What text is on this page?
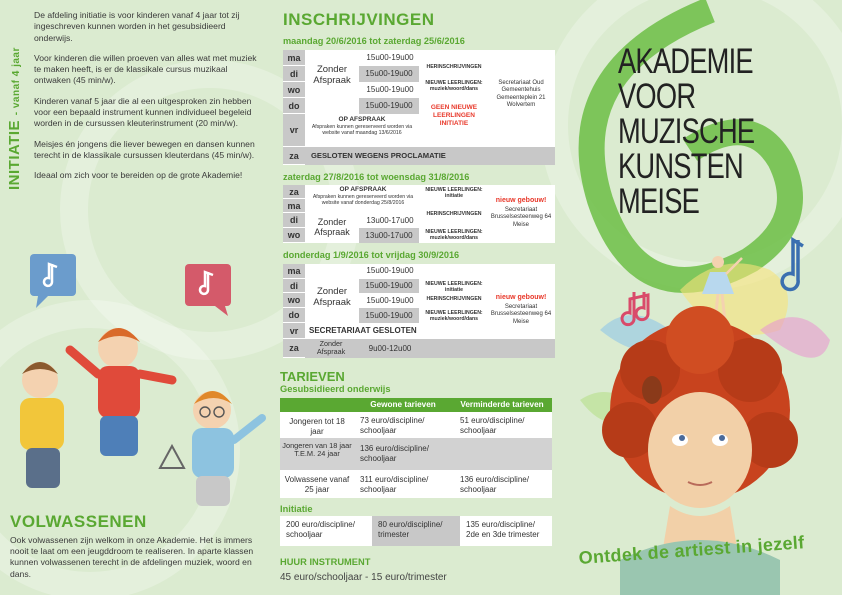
INITIATIE - vanaf 4 jaar

De afdeling initiatie is voor kinderen vanaf 4 jaar tot zij ingeschreven kunnen worden in het gesubsidieerd onderwijs.

Voor kinderen die willen proeven van alles wat met muziek te maken heeft, is er de klassikale cursus muzikaal ontwaken (45 min/w).

Kinderen vanaf 5 jaar die al een uitgesproken zin hebben voor een bepaald instrument kunnen individueel begeleid worden in de cursussen kleuterinstrument (20 min/w).

Meisjes én jongens die liever bewegen en dansen kunnen terecht in de klassikale cursussen kleuterdans (45 min/w).

Ideaal om zich voor te bereiden op de grote Akademie!

VOLWASSENEN
Ook volwassenen zijn welkom in onze Akademie. Het is immers nooit te laat om een jeugddroom te realiseren. In aparte klassen kunnen volwassenen terecht in de afdelingen muziek, woord en dans.
INSCHRIJVINGEN
maandag 20/6/2016 tot zaterdag 25/6/2016
ma
di
wo
do
vr
za
Zonder Afspraak
15u00-19u00
15u00-19u00
15u00-19u00
15u00-19u00
HERINSCHRIJVINGEN
NIEUWE LEERLINGEN: muziek/woord/dans
GEEN NIEUWE LEERLINGEN INITIATIE
Secretariaat Oud Gemeentehuis Gemeenteplein 21 Wolvertem
OP AFSPRAAK
Afspraken kunnen gereserveerd worden via website vanaf maandag 13/6/2016
GESLOTEN WEGENS PROCLAMATIE
zaterdag 27/8/2016 tot woensdag 31/8/2016
za
ma
di
wo
OP AFSPRAAK
Afspraken kunnen gereserveerd worden via website vanaf donderdag 25/8/2016
Zonder Afspraak
13u00-17u00
13u00-17u00
NIEUWE LEERLINGEN: initiatie
HERINSCHRIJVINGEN
NIEUWE LEERLINGEN: muziek/woord/dans
nieuw gebouw!
Secretariaat Brusselsesteenweg 64 Meise
donderdag 1/9/2016 tot vrijdag 30/9/2016
ma
di
wo
do
vr
za
Zonder Afspraak
15u00-19u00
15u00-19u00
15u00-19u00
15u00-19u00
NIEUWE LEERLINGEN: initiatie
HERINSCHRIJVINGEN
NIEUWE LEERLINGEN: muziek/woord/dans
nieuw gebouw!
Secretariaat Brusselsesteenweg 64 Meise
SECRETARIAAT GESLOTEN
Zonder Afspraak	9u00-12u00
TARIEVEN
Gesubsidieerd onderwijs
Gewone tarieven	Verminderde tarieven
Jongeren tot 18 jaar
73 euro/discipline/ schooljaar
51 euro/discipline/ schooljaar
Jongeren van 18 jaar T.E.M. 24 jaar
136 euro/discipline/ schooljaar
Volwassene vanaf 25 jaar
311 euro/discipline/ schooljaar
136 euro/discipline/ schooljaar
Initiatie
200 euro/discipline/ schooljaar
80 euro/discipline/ trimester
135 euro/discipline/ 2de en 3de trimester
HUUR INSTRUMENT
45 euro/schooljaar - 15 euro/trimester
AKADEMIE
VOOR
MUZISCHE
KUNSTEN
MEISE
Ontdek de artiest in jezelf
